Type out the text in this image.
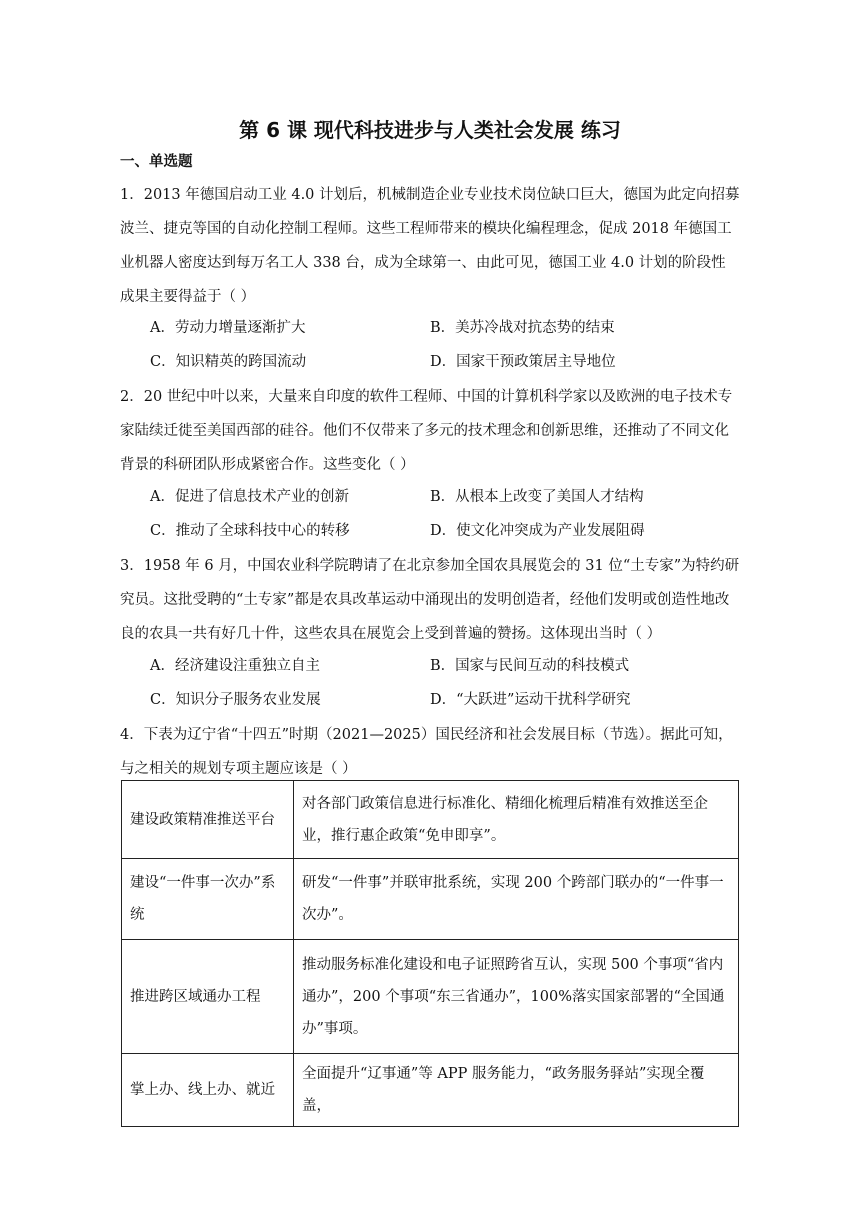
第 6 课 现代科技进步与人类社会发展 练习
一、单选题

1．2013 年德国启动工业 4.0 计划后，机械制造企业专业技术岗位缺口巨大，德国为此定向招募波兰、捷克等国的自动化控制工程师。这些工程师带来的模块化编程理念，促成 2018 年德国工业机器人密度达到每万名工人 338 台，成为全球第一、由此可见，德国工业 4.0 计划的阶段性成果主要得益于（ ）

A．劳动力增量逐渐扩大	B．美苏冷战对抗态势的结束
C．知识精英的跨国流动	D．国家干预政策居主导地位

2．20 世纪中叶以来，大量来自印度的软件工程师、中国的计算机科学家以及欧洲的电子技术专家陆续迁徙至美国西部的硅谷。他们不仅带来了多元的技术理念和创新思维，还推动了不同文化背景的科研团队形成紧密合作。这些变化（ ）

A．促进了信息技术产业的创新	B．从根本上改变了美国人才结构
C．推动了全球科技中心的转移	D．使文化冲突成为产业发展阻碍

3．1958 年 6 月，中国农业科学院聘请了在北京参加全国农具展览会的 31 位“土专家”为特约研究员。这批受聘的“土专家”都是农具改革运动中涌现出的发明创造者，经他们发明或创造性地改良的农具一共有好几十件，这些农具在展览会上受到普遍的赞扬。这体现出当时（ ）

A．经济建设注重独立自主	B．国家与民间互动的科技模式
C．知识分子服务农业发展	D．“大跃进”运动干扰科学研究

4．下表为辽宁省“十四五”时期（2021—2025）国民经济和社会发展目标（节选）。据此可知，与之相关的规划专项主题应该是（ ）

建设政策精准推送平台	对各部门政策信息进行标准化、精细化梳理后精准有效推送至企业，推行惠企政策“免申即享”。
建设“一件事一次办”系统	研发“一件事”并联审批系统，实现 200 个跨部门联办的“一件事一次办”。
推进跨区域通办工程	推动服务标准化建设和电子证照跨省互认，实现 500 个事项“省内通办”，200 个事项“东三省通办”，100%落实国家部署的“全国通办”事项。
掌上办、线上办、就近	全面提升“辽事通”等 APP 服务能力，“政务服务驿站”实现全覆盖，
